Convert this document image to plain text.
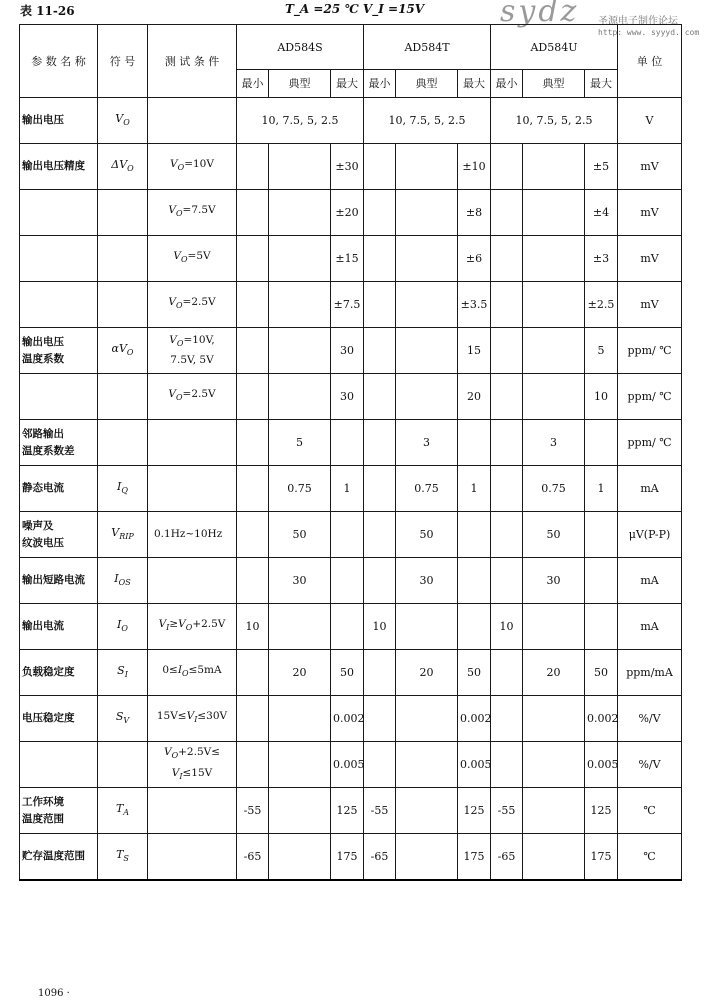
表 11-26	T_A =25 ℃ V_I =15V	sydz 圣源电子制作论坛
http: www. syyyd. com
参 数 名 称	符 号	测 试 条 件	AD584S			AD584T			AD584U			单 位
			最小	典型	最大	最小	典型	最大	最小	典型	最大	
输出电压	$V_O$		10, 7.5, 5, 2.5			10, 7.5, 5, 2.5			10, 7.5, 5, 2.5			V
输出电压精度	$\Delta V_O$	$V_O=10V$			±30			±10			±5	mV
		$V_O=7.5V$			±20			±8			±4	mV
		$V_O=5V$			±15			±6			±3	mV
		$V_O=2.5V$			±7.5			±3.5			±2.5	mV
输出电压
温度系数	$\alpha V_O$	$V_O=10V$,
7.5V, 5V			30			15			5	ppm/ ℃
		$V_O=2.5V$			30			20			10	ppm/ ℃
邻路输出
温度系数差				5			3			3		ppm/ ℃
静态电流	$I_Q$			0.75	1		0.75	1		0.75	1	mA
噪声及
纹波电压	$V_{RIP}$	0.1Hz~10Hz		50			50			50		μV(P-P)
输出短路电流	$I_{OS}$			30			30			30		mA
输出电流	$I_O$	$V_I\ge V_O+2.5V$	10			10			10			mA
负载稳定度	$S_I$	$0\le I_O\le 5mA$		20	50		20	50		20	50	ppm/mA
电压稳定度	$S_V$	$15V\le V_I\le 30V$			0.002			0.002			0.002	%/V
		$V_O+2.5V\le$
$V_I\le 15V$			0.005			0.005			0.005	%/V
工作环境
温度范围	$T_A$		-55		125	-55		125	-55		125	℃
贮存温度范围	$T_S$		-65		175	-65		175	-65		175	℃
1096 ·
